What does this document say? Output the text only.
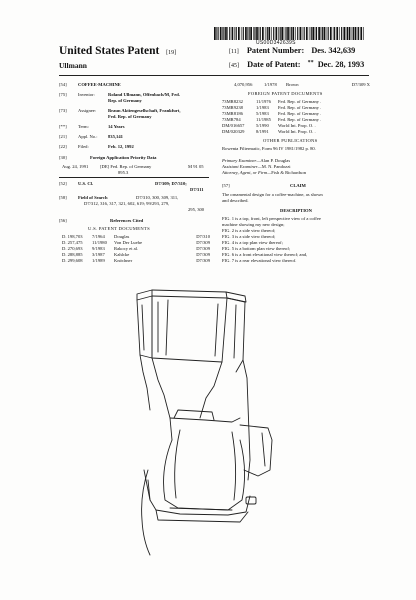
US00D342639S
United States Patent [19]
Ullmann
[11] Patent Number: Des. 342,639
[45] Date of Patent: ** Dec. 28, 1993
[54] COFFEE-MACHINE
[75] Inventor:	Roland Ullmann, Offenbach/M, Fed.
Rep. of Germany
[73] Assignee:	Braun Aktiengesellschaft, Frankfurt,
Fed. Rep. of Germany
[**] Term:	14 Years
[21] Appl. No.: 835,141
[22] Filed:	Feb. 12, 1992
[30]	Foreign Application Priority Data
Aug. 24, 1991	[DE] Fed. Rep. of Germany	M 91 05
895.3
[52] U.S. Cl.	D7/309; D7/310;
D7/311
[58] Field of Search	D7/310, 300, 309, 311,
D7/312, 316, 317, 321, 602, 619; 99/293, 279,
295, 300
[56]	References Cited
U.S. PATENT DOCUMENTS
D. 198,703	7/1964	Douglas	D7/310
D. 257,475	11/1980	Von Der Luehe	D7/309
D. 270,693	9/1983	Rakocy et al.	D7/309
D. 288,885	3/1987	Kahlcke	D7/309
D. 299,608	1/1989	Knöchner	D7/309
4,070,956	1/1978	Brown	D7/309 X
FOREIGN PATENT DOCUMENTS
73MR8232	11/1976	Fed. Rep. of Germany .
73MR9238	1/1983	Fed. Rep. of Germany .
73MR8186	5/1983	Fed. Rep. of Germany .
73MR784	11/1985	Fed. Rep. of Germany .
DM/016657	5/1990	World Int. Prop. O. .
DM/020329	8/1991	World Int. Prop. O. .
OTHER PUBLICATIONS
Rowenta Filtermatic, Form 96 IV 1981/1982 p. 80.
Primary Examiner—Alan P. Douglas
Assistant Examiner—M. N. Pandozzi
Attorney, Agent, or Firm—Fish & Richardson
[57]	CLAIM
The ornamental design for a coffee-machine, as shown
and described.
DESCRIPTION
FIG. 1 is a top, front, left perspective view of a coffee
machine showing my new design;
FIG. 2 is a side view thereof;
FIG. 3 is a side view thereof;
FIG. 4 is a top plan view thereof;
FIG. 5 is a bottom plan view thereof;
FIG. 6 is a front elevational view thereof; and,
FIG. 7 is a rear elevational view thereof.
